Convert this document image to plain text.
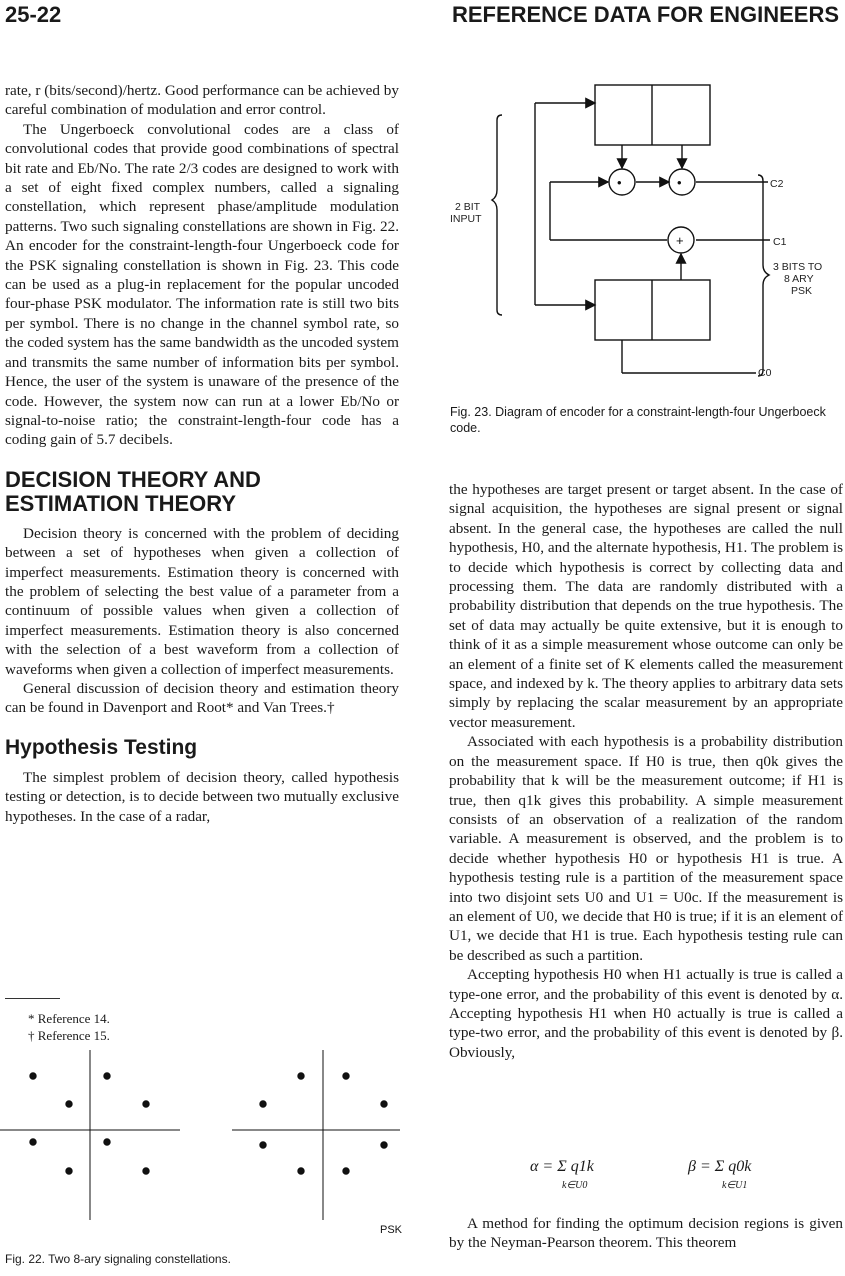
25-22	REFERENCE DATA FOR ENGINEERS

rate, r (bits/second)/hertz. Good performance can be achieved by careful combination of modulation and error control.

The Ungerboeck convolutional codes are a class of convolutional codes that provide good combinations of spectral bit rate and Eb/No. The rate 2/3 codes are designed to work with a set of eight fixed complex numbers, called a signaling constellation, which represent phase/amplitude modulation patterns. Two such signaling constellations are shown in Fig. 22. An encoder for the constraint-length-four Ungerboeck code for the PSK signaling constellation is shown in Fig. 23. This code can be used as a plug-in replacement for the popular uncoded four-phase PSK modulator. The information rate is still two bits per symbol. There is no change in the channel symbol rate, so the coded system has the same bandwidth as the uncoded system and transmits the same number of information bits per symbol. Hence, the user of the system is unaware of the presence of the code. However, the system now can run at a lower Eb/No or signal-to-noise ratio; the constraint-length-four code has a coding gain of 5.7 decibels.

DECISION THEORY AND
ESTIMATION THEORY

Decision theory is concerned with the problem of deciding between a set of hypotheses when given a collection of imperfect measurements. Estimation theory is concerned with the problem of selecting the best value of a parameter from a continuum of possible values when given a collection of imperfect measurements. Estimation theory is also concerned with the selection of a best waveform from a collection of waveforms when given a collection of imperfect measurements.

General discussion of decision theory and estimation theory can be found in Davenport and Root* and Van Trees.†

Hypothesis Testing

The simplest problem of decision theory, called hypothesis testing or detection, is to decide between two mutually exclusive hypotheses. In the case of a radar,

* Reference 14.
† Reference 15.
PSK
Fig. 22. Two 8-ary signaling constellations.
•	•
+
2 BIT
INPUT
C2
C1
C0
3 BITS TO
8 ARY
PSK
Fig. 23. Diagram of encoder for a constraint-length-four Ungerboeck code.

the hypotheses are target present or target absent. In the case of signal acquisition, the hypotheses are signal present or signal absent. In the general case, the hypotheses are called the null hypothesis, H0, and the alternate hypothesis, H1. The problem is to decide which hypothesis is correct by collecting data and processing them. The data are randomly distributed with a probability distribution that depends on the true hypothesis. The set of data may actually be quite extensive, but it is enough to think of it as a simple measurement whose outcome can only be an element of a finite set of K elements called the measurement space, and indexed by k. The theory applies to arbitrary data sets simply by replacing the scalar measurement by an appropriate vector measurement.

Associated with each hypothesis is a probability distribution on the measurement space. If H0 is true, then q0k gives the probability that k will be the measurement outcome; if H1 is true, then q1k gives this probability. A simple measurement consists of an observation of a realization of the random variable. A measurement is observed, and the problem is to decide whether hypothesis H0 or hypothesis H1 is true. A hypothesis testing rule is a partition of the measurement space into two disjoint sets U0 and U1 = U0c. If the measurement is an element of U0, we decide that H0 is true; if it is an element of U1, we decide that H1 is true. Each hypothesis testing rule can be described as such a partition.

Accepting hypothesis H0 when H1 actually is true is called a type-one error, and the probability of this event is denoted by α. Accepting hypothesis H1 when H0 actually is true is called a type-two error, and the probability of this event is denoted by β. Obviously,

α = Σ q1k
k∈U0
β = Σ q0k
k∈U1

A method for finding the optimum decision regions is given by the Neyman-Pearson theorem. This theorem
